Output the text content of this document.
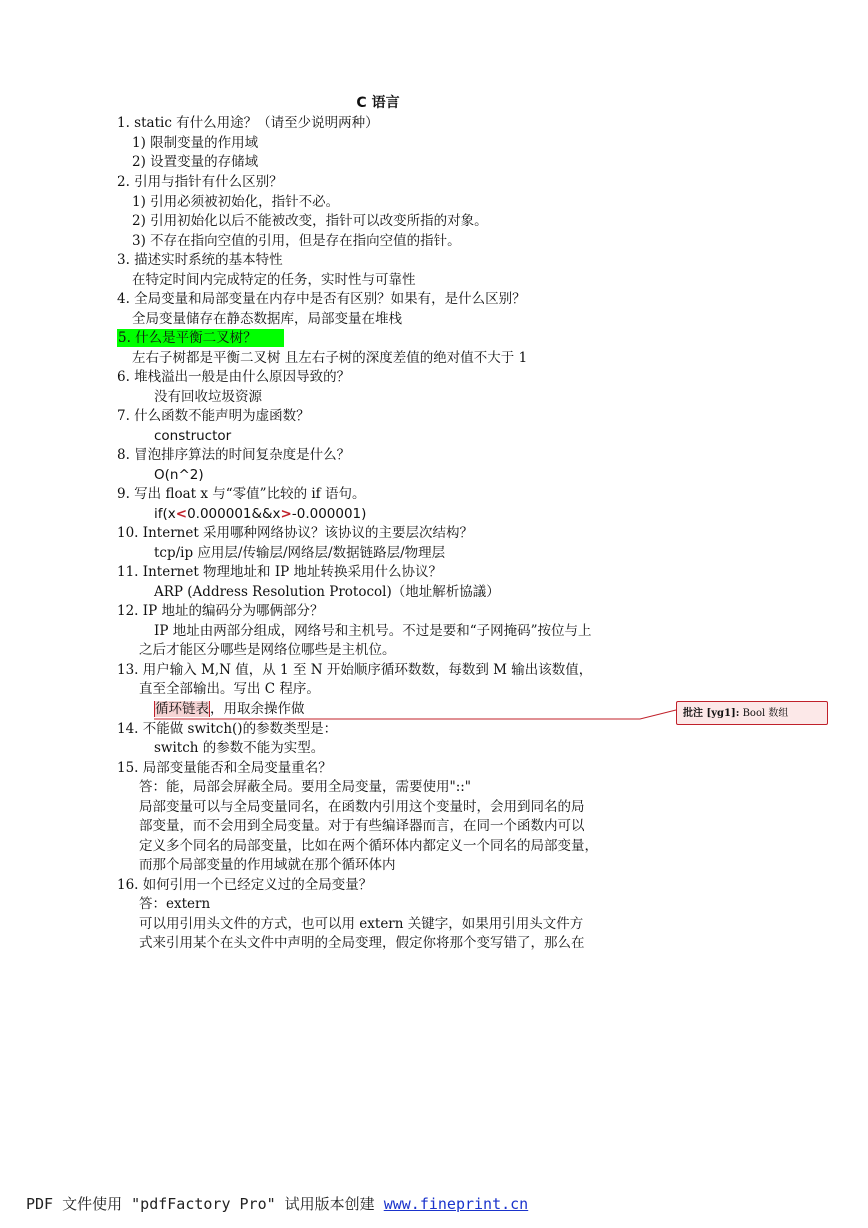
C 语言
1. static 有什么用途？（请至少说明两种）
1) 限制变量的作用域
2) 设置变量的存储域
2. 引用与指针有什么区别？
1) 引用必须被初始化，指针不必。
2) 引用初始化以后不能被改变，指针可以改变所指的对象。
3) 不存在指向空值的引用，但是存在指向空值的指针。
3. 描述实时系统的基本特性
在特定时间内完成特定的任务，实时性与可靠性
4. 全局变量和局部变量在内存中是否有区别？如果有，是什么区别？
全局变量储存在静态数据库，局部变量在堆栈
5. 什么是平衡二叉树？
左右子树都是平衡二叉树 且左右子树的深度差值的绝对值不大于 1
6. 堆栈溢出一般是由什么原因导致的？
没有回收垃圾资源
7. 什么函数不能声明为虚函数？
constructor
8. 冒泡排序算法的时间复杂度是什么？
O(n^2)
9. 写出 float x 与“零值”比较的 if 语句。
if(x<0.000001&&x>-0.000001)
10. Internet 采用哪种网络协议？该协议的主要层次结构？
tcp/ip 应用层/传输层/网络层/数据链路层/物理层
11. Internet 物理地址和 IP 地址转换采用什么协议？
ARP (Address Resolution Protocol)（地址解析協議）
12. IP 地址的编码分为哪俩部分？
IP 地址由两部分组成，网络号和主机号。不过是要和“子网掩码”按位与上
之后才能区分哪些是网络位哪些是主机位。
13. 用户输入 M,N 值，从 1 至 N 开始顺序循环数数，每数到 M 输出该数值，
直至全部输出。写出 C 程序。
循环链表，用取余操作做	批注 [yg1]: Bool 数组
14. 不能做 switch()的参数类型是：
switch 的参数不能为实型。
15. 局部变量能否和全局变量重名？
答：能，局部会屏蔽全局。要用全局变量，需要使用"::"
局部变量可以与全局变量同名，在函数内引用这个变量时，会用到同名的局
部变量，而不会用到全局变量。对于有些编译器而言，在同一个函数内可以
定义多个同名的局部变量，比如在两个循环体内都定义一个同名的局部变量，
而那个局部变量的作用域就在那个循环体内
16. 如何引用一个已经定义过的全局变量？
答：extern
可以用引用头文件的方式，也可以用 extern 关键字，如果用引用头文件方
式来引用某个在头文件中声明的全局变理，假定你将那个变写错了，那么在
PDF 文件使用 "pdfFactory Pro" 试用版本创建 www.fineprint.cn
